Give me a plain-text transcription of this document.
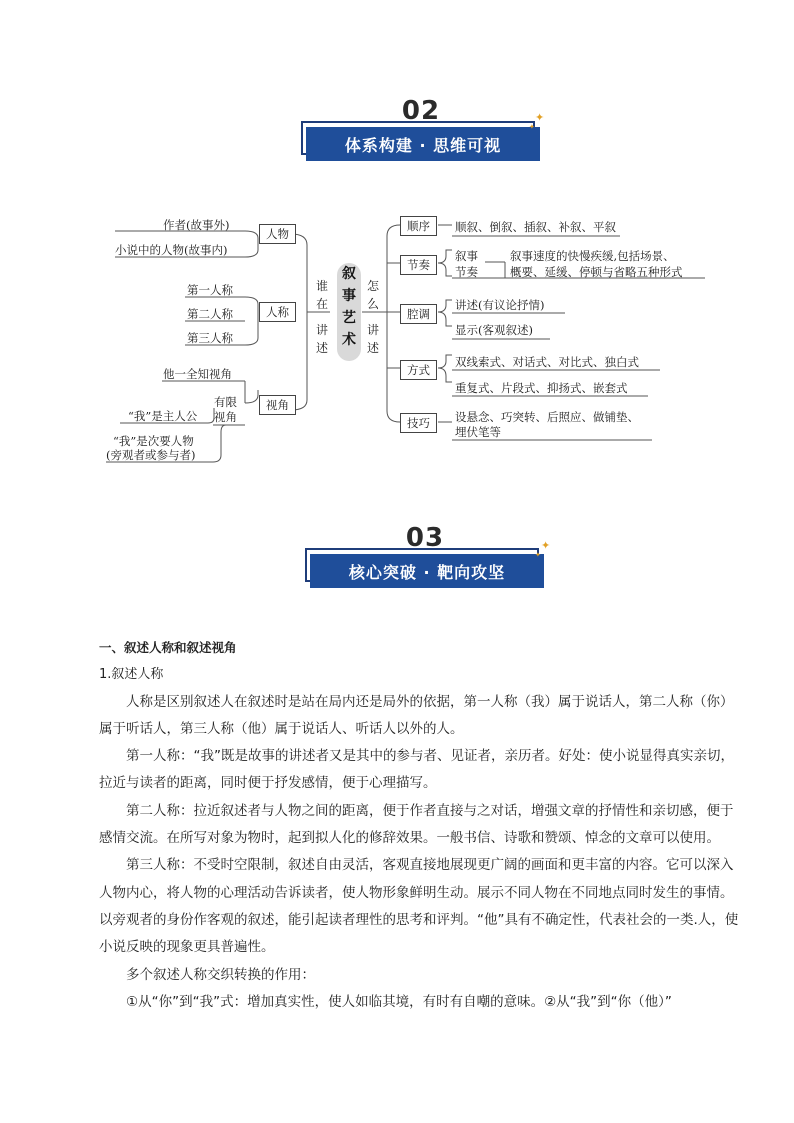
02
体系构建 · 思维可视
✦
✦
作者(故事外)
小说中的人物(故事内)
人物
第一人称
第二人称
第三人称
人称
他一全知视角
有限
视角
“我”是主人公
“我”是次要人物
(旁观者或参与者)
视角
谁
在
讲
述
叙
事
艺
术
怎
么
讲
述
顺序	顺叙、倒叙、插叙、补叙、平叙
节奏
叙事
节奏
叙事速度的快慢疾缓,包括场景、
概要、延缓、停顿与省略五种形式
腔调
讲述(有议论抒情)
显示(客观叙述)
方式
双线索式、对话式、对比式、独白式
重复式、片段式、抑扬式、嵌套式
技巧	设悬念、巧突转、后照应、做铺垫、
埋伏笔等
03
核心突破 · 靶向攻坚
✦
✦

一、叙述人称和叙述视角

1.叙述人称

人称是区别叙述人在叙述时是站在局内还是局外的依据，第一人称（我）属于说话人，第二人称（你）属于听话人，第三人称（他）属于说话人、听话人以外的人。

第一人称：“我”既是故事的讲述者又是其中的参与者、见证者，亲历者。好处：使小说显得真实亲切，拉近与读者的距离，同时便于抒发感情，便于心理描写。

第二人称：拉近叙述者与人物之间的距离，便于作者直接与之对话，增强文章的抒情性和亲切感，便于感情交流。在所写对象为物时，起到拟人化的修辞效果。一般书信、诗歌和赞颂、悼念的文章可以使用。

第三人称：不受时空限制，叙述自由灵活，客观直接地展现更广阔的画面和更丰富的内容。它可以深入人物内心，将人物的心理活动告诉读者，使人物形象鲜明生动。展示不同人物在不同地点同时发生的事情。以旁观者的身份作客观的叙述，能引起读者理性的思考和评判。“他”具有不确定性，代表社会的一类.人，使小说反映的现象更具普遍性。

多个叙述人称交织转换的作用：

①从“你”到“我”式：增加真实性，使人如临其境，有时有自嘲的意味。②从“我”到“你（他）”
